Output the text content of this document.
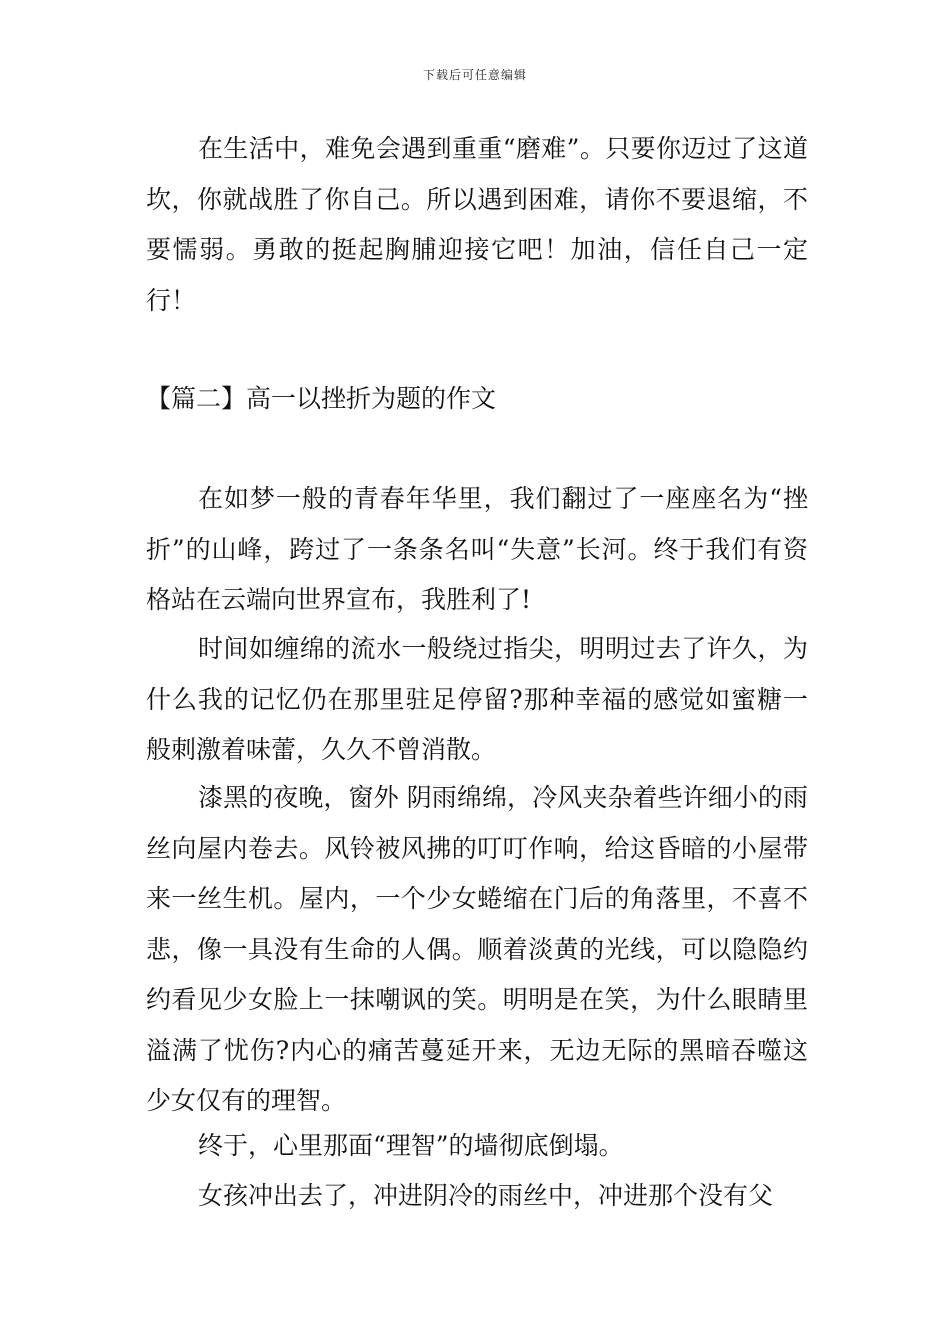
下载后可任意编辑

在生活中，难免会遇到重重“磨难”。只要你迈过了这道坎，你就战胜了你自己。所以遇到困难，请你不要退缩，不要懦弱。勇敢的挺起胸脯迎接它吧！加油，信任自己一定行！

【篇二】高一以挫折为题的作文

在如梦一般的青春年华里，我们翻过了一座座名为“挫折”的山峰，跨过了一条条名叫“失意”长河。终于我们有资格站在云端向世界宣布，我胜利了!

时间如缠绵的流水一般绕过指尖，明明过去了许久，为什么我的记忆仍在那里驻足停留?那种幸福的感觉如蜜糖一般刺激着味蕾，久久不曾消散。

漆黑的夜晚，窗外 阴雨绵绵，冷风夹杂着些许细小的雨丝向屋内卷去。风铃被风拂的叮叮作响，给这昏暗的小屋带来一丝生机。屋内，一个少女蜷缩在门后的角落里，不喜不悲，像一具没有生命的人偶。顺着淡黄的光线，可以隐隐约约看见少女脸上一抹嘲讽的笑。明明是在笑，为什么眼睛里溢满了忧伤?内心的痛苦蔓延开来，无边无际的黑暗吞噬这少女仅有的理智。

终于，心里那面“理智”的墙彻底倒塌。

女孩冲出去了，冲进阴冷的雨丝中，冲进那个没有父
